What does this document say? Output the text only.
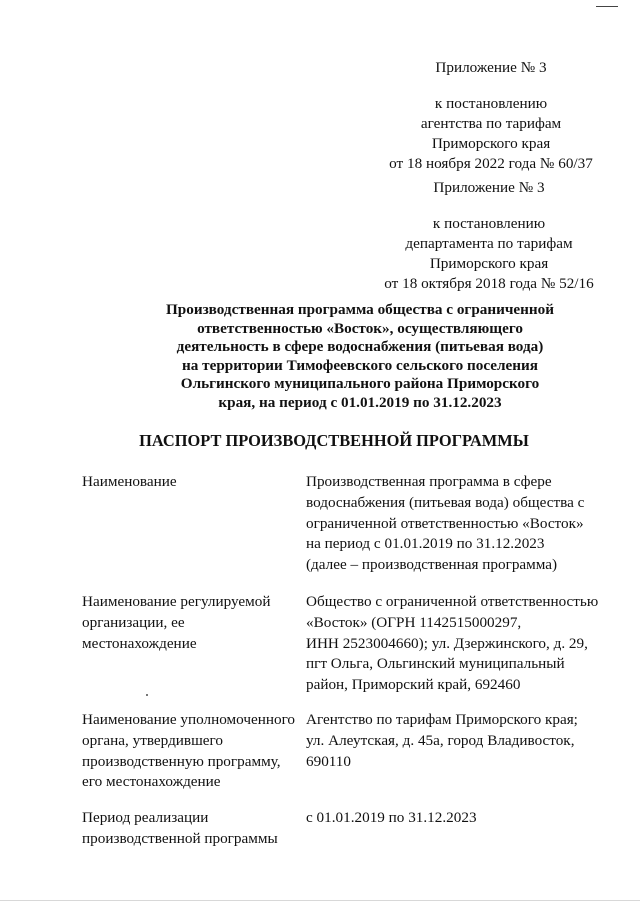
Приложение № 3
к постановлению
агентства по тарифам
Приморского края
от 18 ноября 2022 года № 60/37
Приложение № 3
к постановлению
департамента по тарифам
Приморского края
от 18 октября 2018 года № 52/16
Производственная программа общества с ограниченной
ответственностью «Восток», осуществляющего
деятельность в сфере водоснабжения (питьевая вода)
на территории Тимофеевского сельского поселения
Ольгинского муниципального района Приморского
края, на период с 01.01.2019 по 31.12.2023
ПАСПОРТ ПРОИЗВОДСТВЕННОЙ ПРОГРАММЫ
Наименование	Производственная программа в сфере
водоснабжения (питьевая вода) общества с
ограниченной ответственностью «Восток»
на период с 01.01.2019 по 31.12.2023
(далее – производственная программа)
Наименование регулируемой
организации, ее
местонахождение
Общество с ограниченной ответственностью
«Восток» (ОГРН 1142515000297,
ИНН 2523004660); ул. Дзержинского, д. 29,
пгт Ольга, Ольгинский муниципальный
район, Приморский край, 692460
Наименование уполномоченного
органа, утвердившего
производственную программу,
его местонахождение
Агентство по тарифам Приморского края;
ул. Алеутская, д. 45а, город Владивосток,
690110
Период реализации
производственной программы
с 01.01.2019 по 31.12.2023
